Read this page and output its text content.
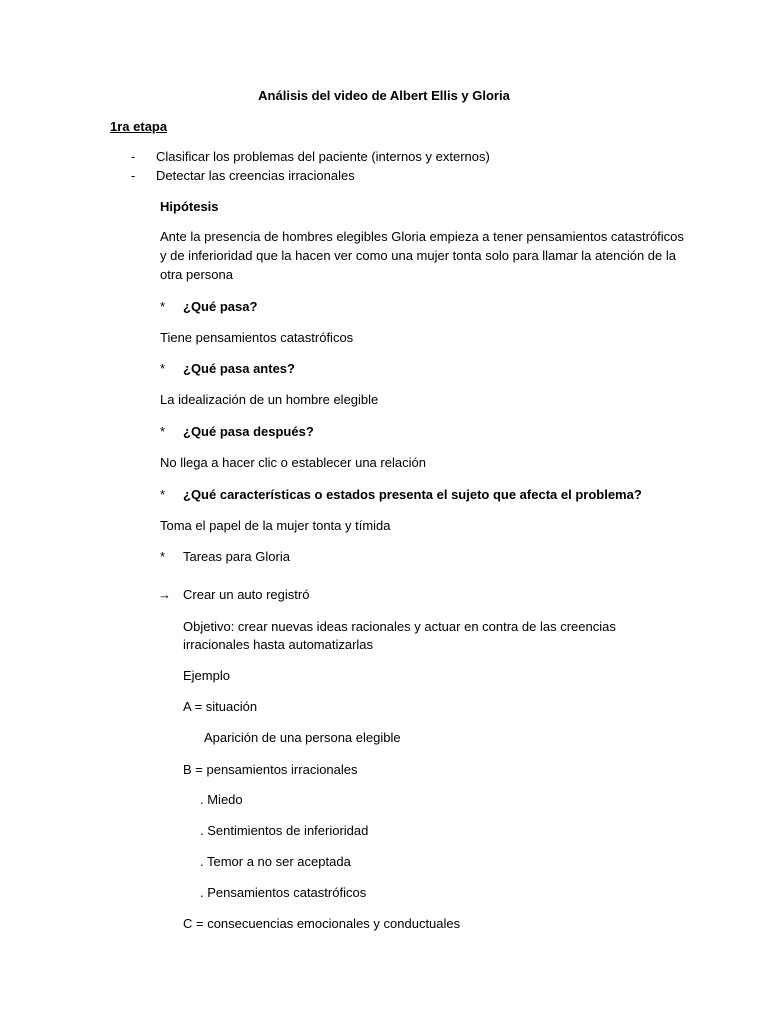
Análisis del video de Albert Ellis y Gloria
1ra etapa
- Clasificar los problemas del paciente (internos y externos)
- Detectar las creencias irracionales
Hipótesis
Ante la presencia de hombres elegibles Gloria empieza a tener pensamientos catastróficos
y de inferioridad que la hacen ver como una mujer tonta solo para llamar la atención de la
otra persona
* ¿Qué pasa?
Tiene pensamientos catastróficos
* ¿Qué pasa antes?
La idealización de un hombre elegible
* ¿Qué pasa después?
No llega a hacer clic o establecer una relación
* ¿Qué características o estados presenta el sujeto que afecta el problema?
Toma el papel de la mujer tonta y tímida
* Tareas para Gloria
→ Crear un auto registró
Objetivo: crear nuevas ideas racionales y actuar en contra de las creencias
irracionales hasta automatizarlas
Ejemplo
A = situación
Aparición de una persona elegible
B = pensamientos irracionales
. Miedo
. Sentimientos de inferioridad
. Temor a no ser aceptada
. Pensamientos catastróficos
C = consecuencias emocionales y conductuales
